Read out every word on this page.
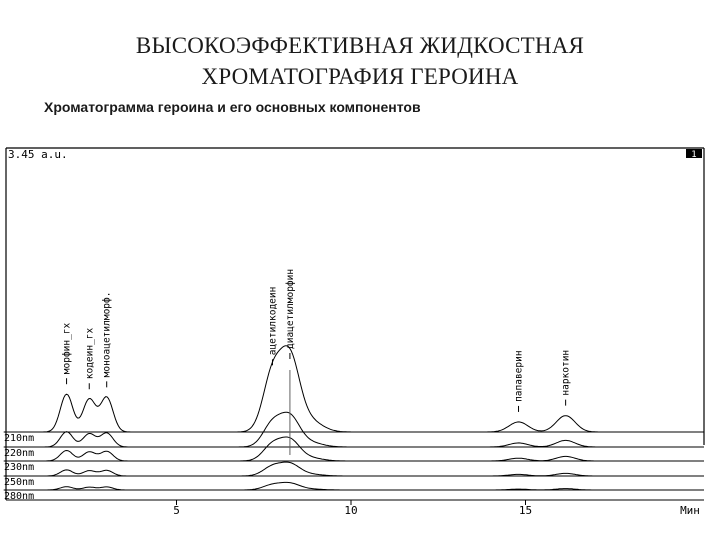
ВЫСОКОЭФФЕКТИВНАЯ ЖИДКОСТНАЯ
ХРОМАТОГРАФИЯ ГЕРОИНА
Хроматограмма героина и его основных компонентов
3.45 a.u.	1
210nm
220nm
230nm
250nm
280nm
морфин_гх кодеин_гх моноацетилморф.	ацетилкодеин диацетилморфин
папаверин	наркотин
5	10	15	Мин
